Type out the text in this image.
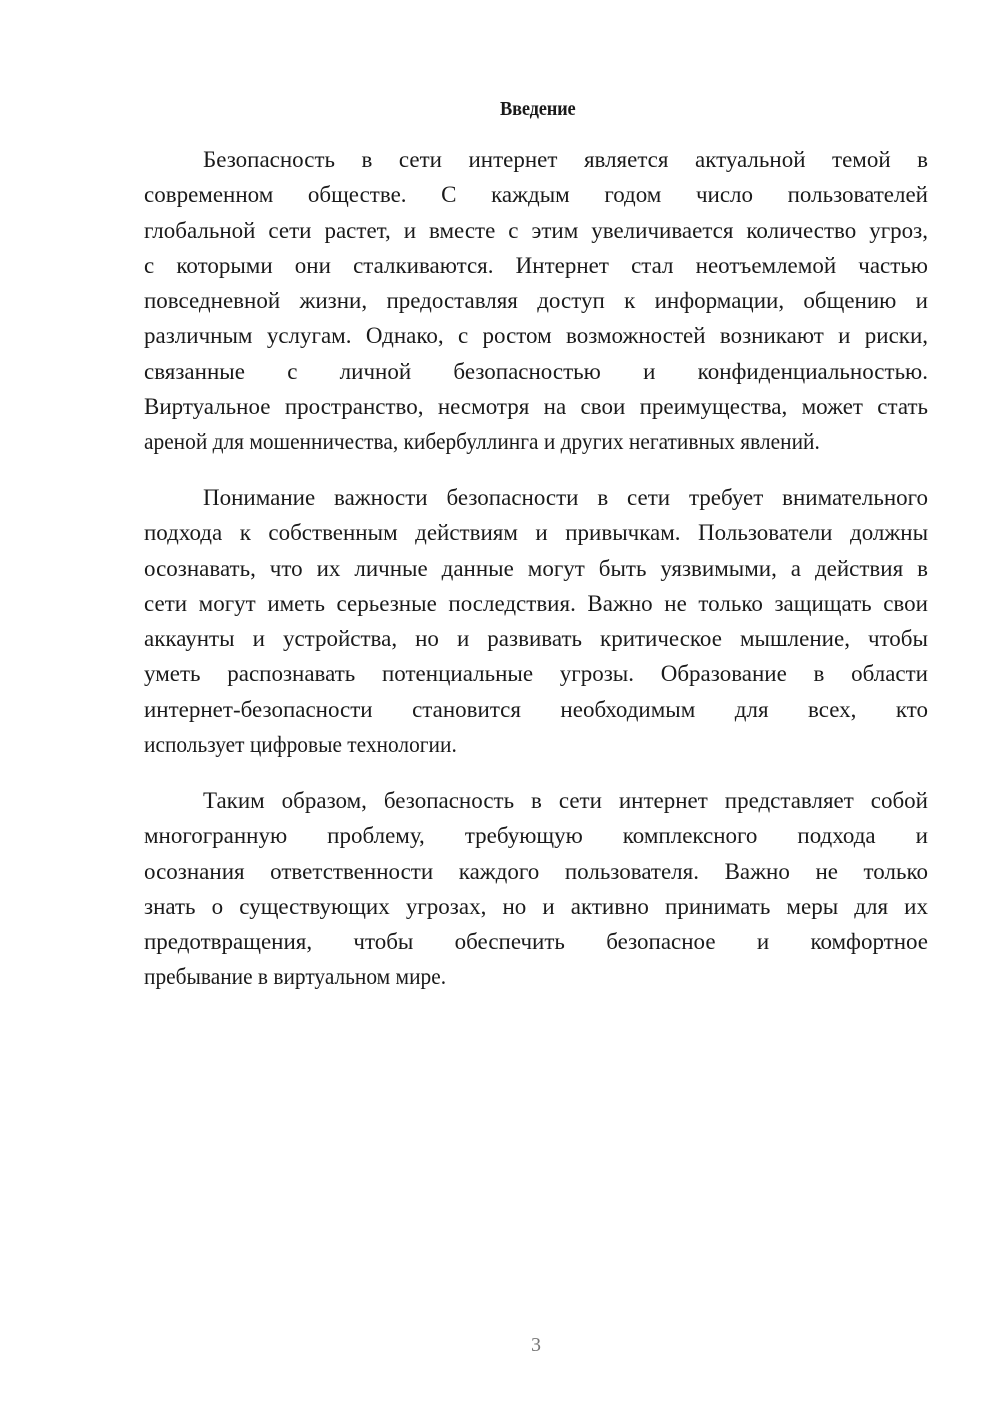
Введение
Безопасность в сети интернет является актуальной темой в
современном обществе. С каждым годом число пользователей
глобальной сети растет, и вместе с этим увеличивается количество угроз,
с которыми они сталкиваются. Интернет стал неотъемлемой частью
повседневной жизни, предоставляя доступ к информации, общению и
различным услугам. Однако, с ростом возможностей возникают и риски,
связанные с личной безопасностью и конфиденциальностью.
Виртуальное пространство, несмотря на свои преимущества, может стать
ареной для мошенничества, кибербуллинга и других негативных явлений.
Понимание важности безопасности в сети требует внимательного
подхода к собственным действиям и привычкам. Пользователи должны
осознавать, что их личные данные могут быть уязвимыми, а действия в
сети могут иметь серьезные последствия. Важно не только защищать свои
аккаунты и устройства, но и развивать критическое мышление, чтобы
уметь распознавать потенциальные угрозы. Образование в области
интернет-безопасности становится необходимым для всех, кто
использует цифровые технологии.
Таким образом, безопасность в сети интернет представляет собой
многогранную проблему, требующую комплексного подхода и
осознания ответственности каждого пользователя. Важно не только
знать о существующих угрозах, но и активно принимать меры для их
предотвращения, чтобы обеспечить безопасное и комфортное
пребывание в виртуальном мире.
3
